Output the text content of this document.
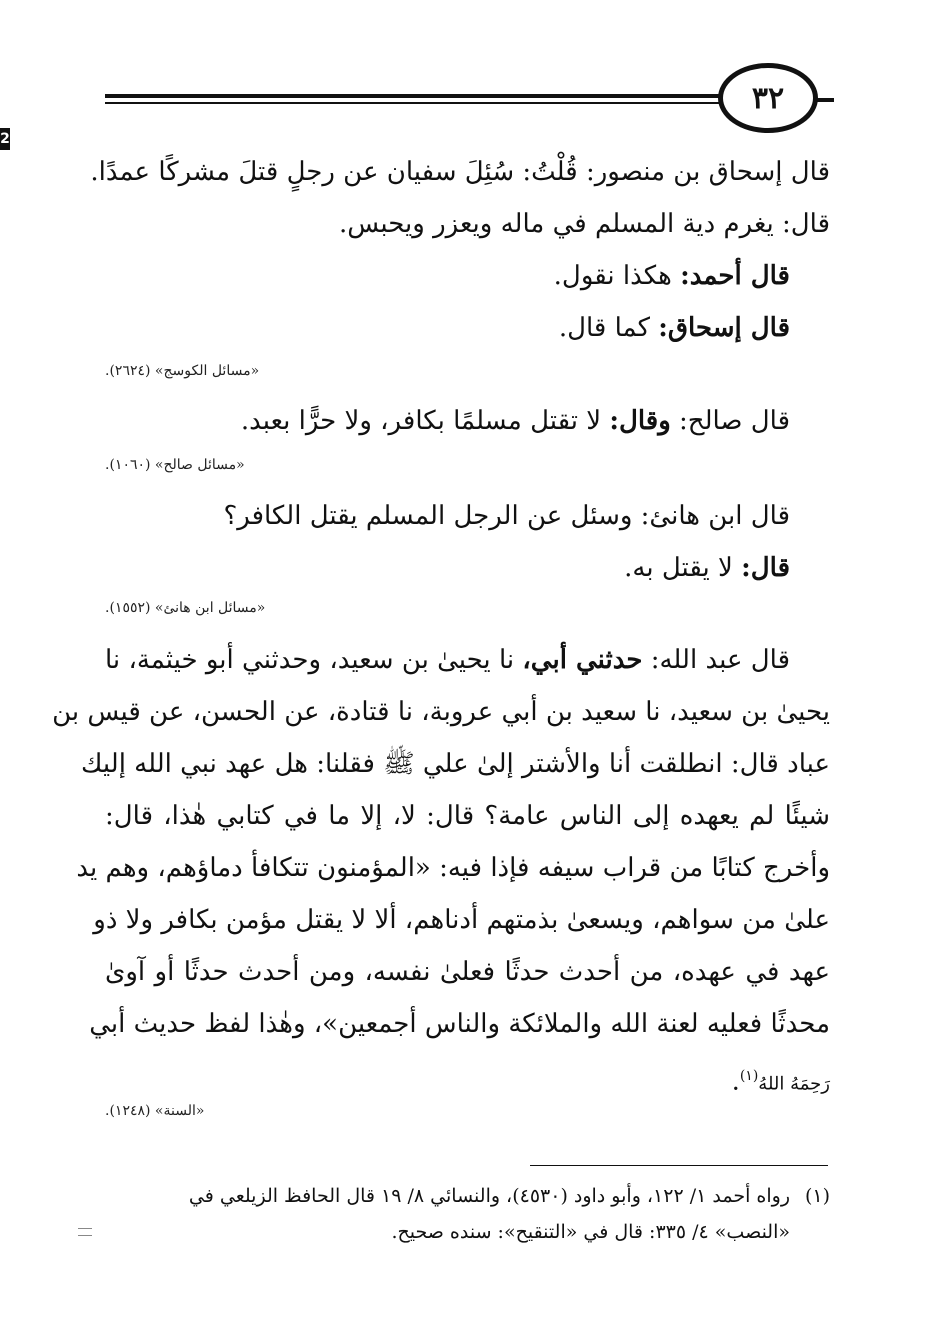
2
٣٢
قال إسحاق بن منصور: قُلْتُ: سُئِلَ سفيان عن رجلٍ قتلَ مشركًا عمدًا.
قال: يغرم دية المسلم في ماله ويعزر ويحبس.
قال أحمد: هكذا نقول.
قال إسحاق: كما قال.
«مسائل الكوسج» (٢٦٢٤).
قال صالح: وقال: لا تقتل مسلمًا بكافر، ولا حرًّا بعبد.
«مسائل صالح» (١٠٦٠).
قال ابن هانئ: وسئل عن الرجل المسلم يقتل الكافر؟
قال: لا يقتل به.
«مسائل ابن هانئ» (١٥٥٢).
قال عبد الله: حدثني أبي، نا يحيىٰ بن سعيد، وحدثني أبو خيثمة، نا
يحيىٰ بن سعيد، نا سعيد بن أبي عروبة، نا قتادة، عن الحسن، عن قيس بن
عباد قال: انطلقت أنا والأشتر إلىٰ علي ﷺ فقلنا: هل عهد نبي الله إليك
شيئًا لم يعهده إلى الناس عامة؟ قال: لا، إلا ما في كتابي هٰذا، قال:
وأخرج كتابًا من قراب سيفه فإذا فيه: «المؤمنون تتكافأ دماؤهم، وهم يد
علىٰ من سواهم، ويسعىٰ بذمتهم أدناهم، ألا لا يقتل مؤمن بكافر ولا ذو
عهد في عهده، من أحدث حدثًا فعلىٰ نفسه، ومن أحدث حدثًا أو آوىٰ
محدثًا فعليه لعنة الله والملائكة والناس أجمعين»، وهٰذا لفظ حديث أبي
رَحِمَهُ اللهُ$^{(١)}$.
«السنة» (١٢٤٨).
(١)رواه أحمد ١/ ١٢٢، وأبو داود (٤٥٣٠)، والنسائي ٨/ ١٩ قال الحافظ الزيلعي في
«النصب» ٤/ ٣٣٥: قال في «التنقيح»: سنده صحيح.
